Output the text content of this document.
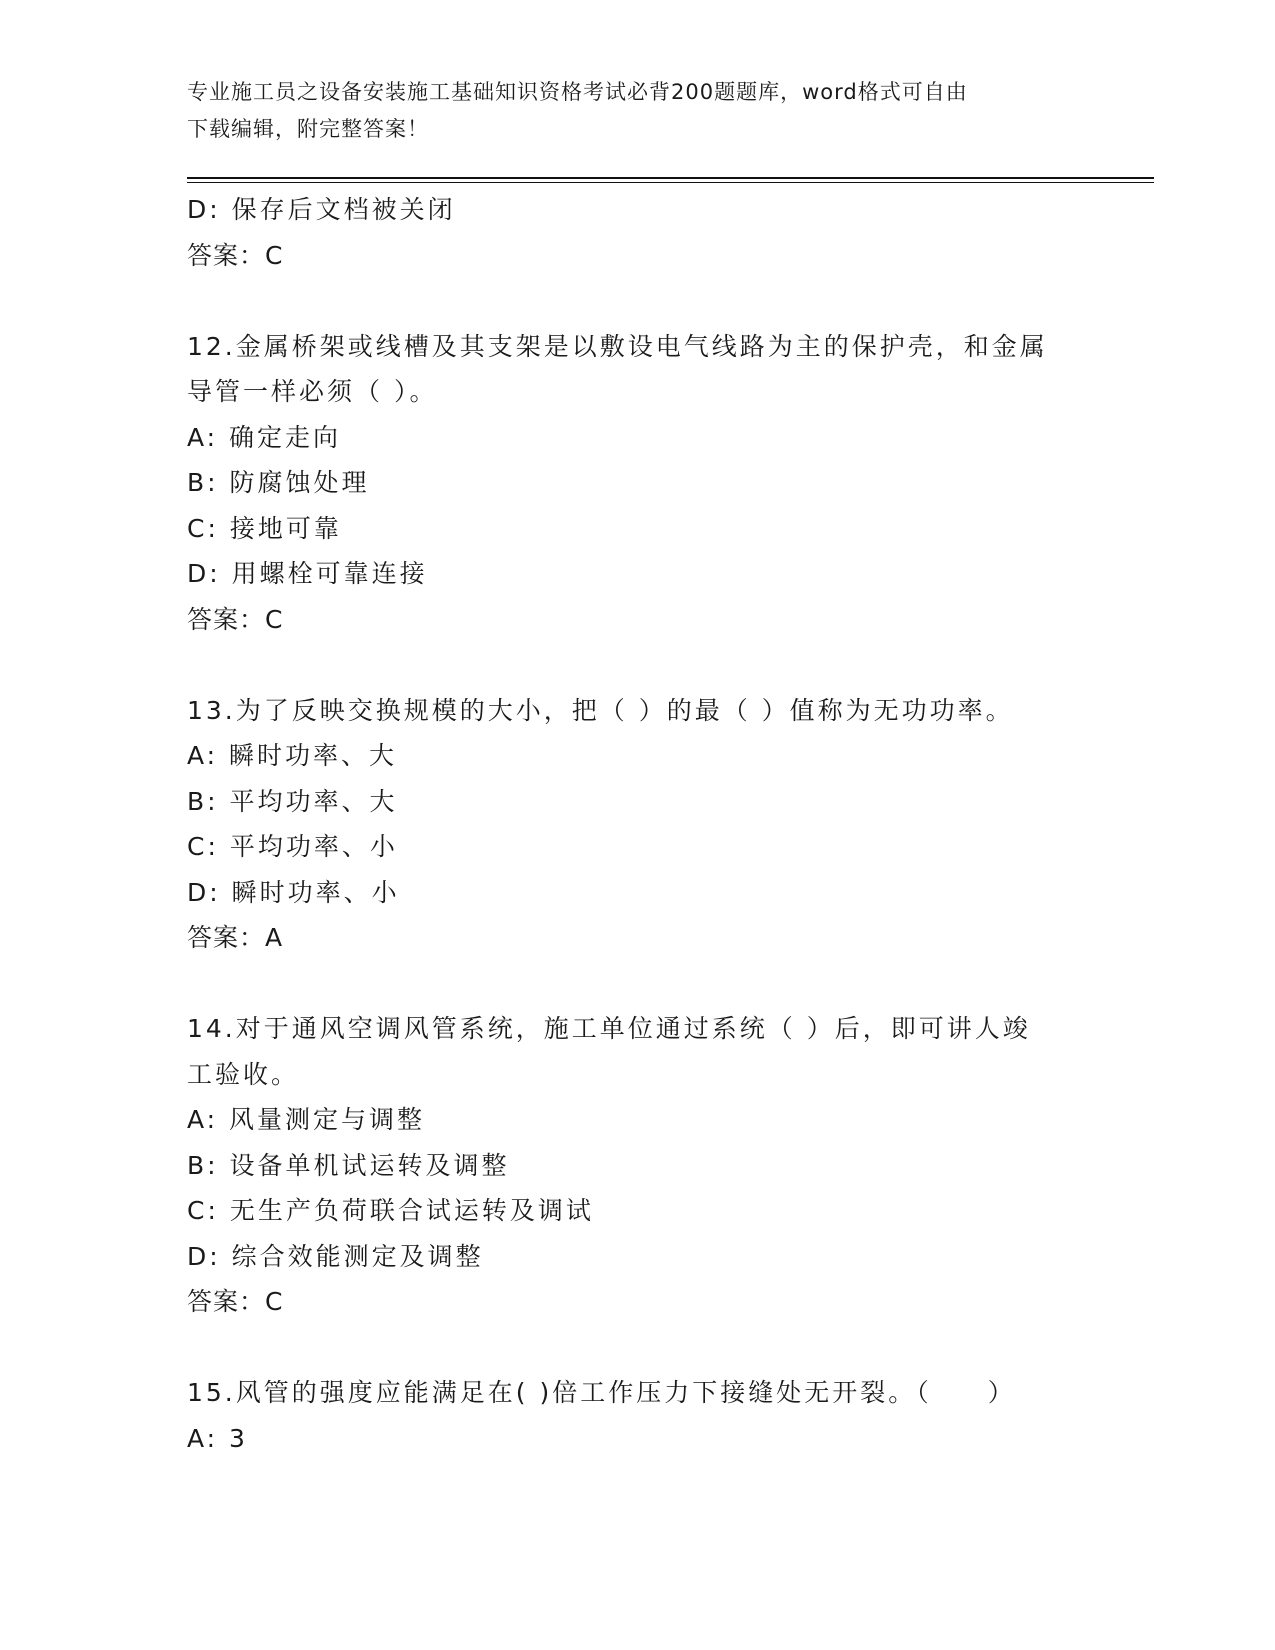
专业施工员之设备安装施工基础知识资格考试必背200题题库，word格式可自由
下载编辑，附完整答案！
D: 保存后文档被关闭
答案：C
12.金属桥架或线槽及其支架是以敷设电气线路为主的保护壳，和金属
导管一样必须（ ）。
A: 确定走向
B: 防腐蚀处理
C: 接地可靠
D: 用螺栓可靠连接
答案：C
13.为了反映交换规模的大小，把（ ）的最（ ）值称为无功功率。
A: 瞬时功率、大
B: 平均功率、大
C: 平均功率、小
D: 瞬时功率、小
答案：A
14.对于通风空调风管系统，施工单位通过系统（ ）后，即可讲人竣
工验收。
A: 风量测定与调整
B: 设备单机试运转及调整
C: 无生产负荷联合试运转及调试
D: 综合效能测定及调整
答案：C
15.风管的强度应能满足在( )倍工作压力下接缝处无开裂。（　　）
A: 3
